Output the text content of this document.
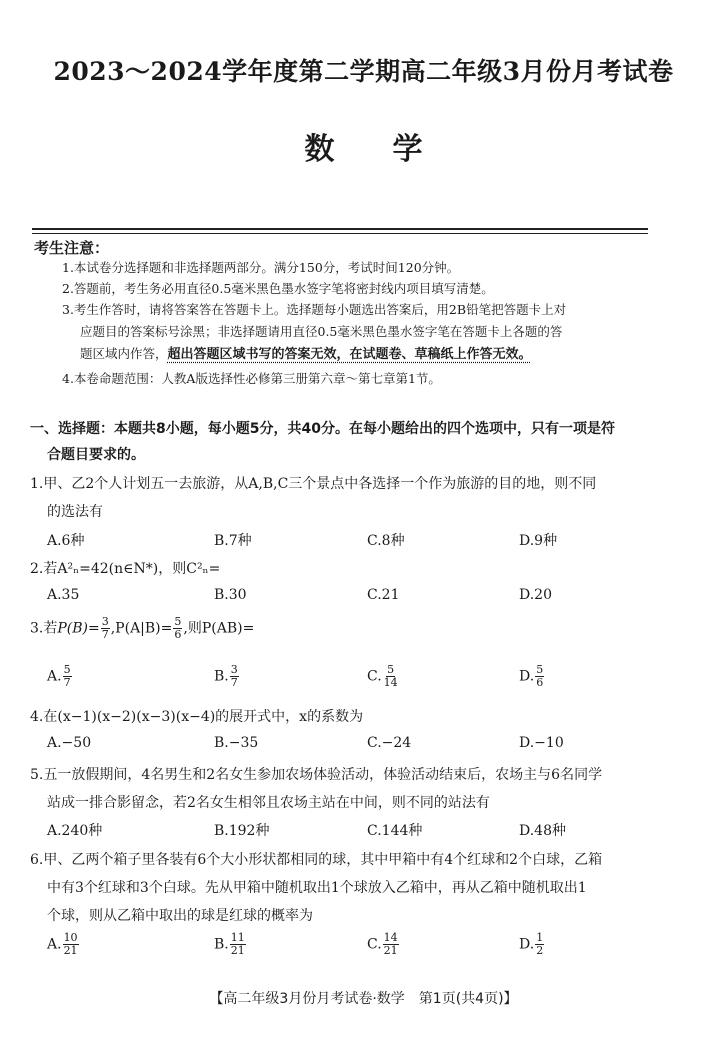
2023～2024学年度第二学期高二年级3月份月考试卷
数学
考生注意：
1.本试卷分选择题和非选择题两部分。满分150分，考试时间120分钟。
2.答题前，考生务必用直径0.5毫米黑色墨水签字笔将密封线内项目填写清楚。
3.考生作答时，请将答案答在答题卡上。选择题每小题选出答案后，用2B铅笔把答题卡上对
应题目的答案标号涂黑；非选择题请用直径0.5毫米黑色墨水签字笔在答题卡上各题的答
题区域内作答，超出答题区域书写的答案无效，在试题卷、草稿纸上作答无效。
4.本卷命题范围：人教A版选择性必修第三册第六章～第七章第1节。
一、选择题：本题共8小题，每小题5分，共40分。在每小题给出的四个选项中，只有一项是符
合题目要求的。
1.甲、乙2个人计划五一去旅游，从A,B,C三个景点中各选择一个作为旅游的目的地，则不同
的选法有
A.6种	B.7种	C.8种	D.9种
2.若A²ₙ=42(n∈N*)，则C²ₙ=
A.35	B.30	C.21	D.20
3.若$P(B)= \frac{3}{7} ,P(A|B)= \frac{5}{6}$ ,则P(AB)=
A. $\frac{5}{7}$	B. $\frac{3}{7}$	C. $\frac{5}{14}$	D. $\frac{5}{6}$
4.在(x−1)(x−2)(x−3)(x−4)的展开式中，x的系数为
A.−50	B.−35	C.−24	D.−10
5.五一放假期间，4名男生和2名女生参加农场体验活动，体验活动结束后，农场主与6名同学
站成一排合影留念，若2名女生相邻且农场主站在中间，则不同的站法有
A.240种	B.192种	C.144种	D.48种
6.甲、乙两个箱子里各装有6个大小形状都相同的球，其中甲箱中有4个红球和2个白球，乙箱
中有3个红球和3个白球。先从甲箱中随机取出1个球放入乙箱中，再从乙箱中随机取出1
个球，则从乙箱中取出的球是红球的概率为
A. $\frac{10}{21}$	B. $\frac{11}{21}$	C. $\frac{14}{21}$	D. $\frac{1}{2}$
【高二年级3月份月考试卷·数学　第1页(共4页)】
